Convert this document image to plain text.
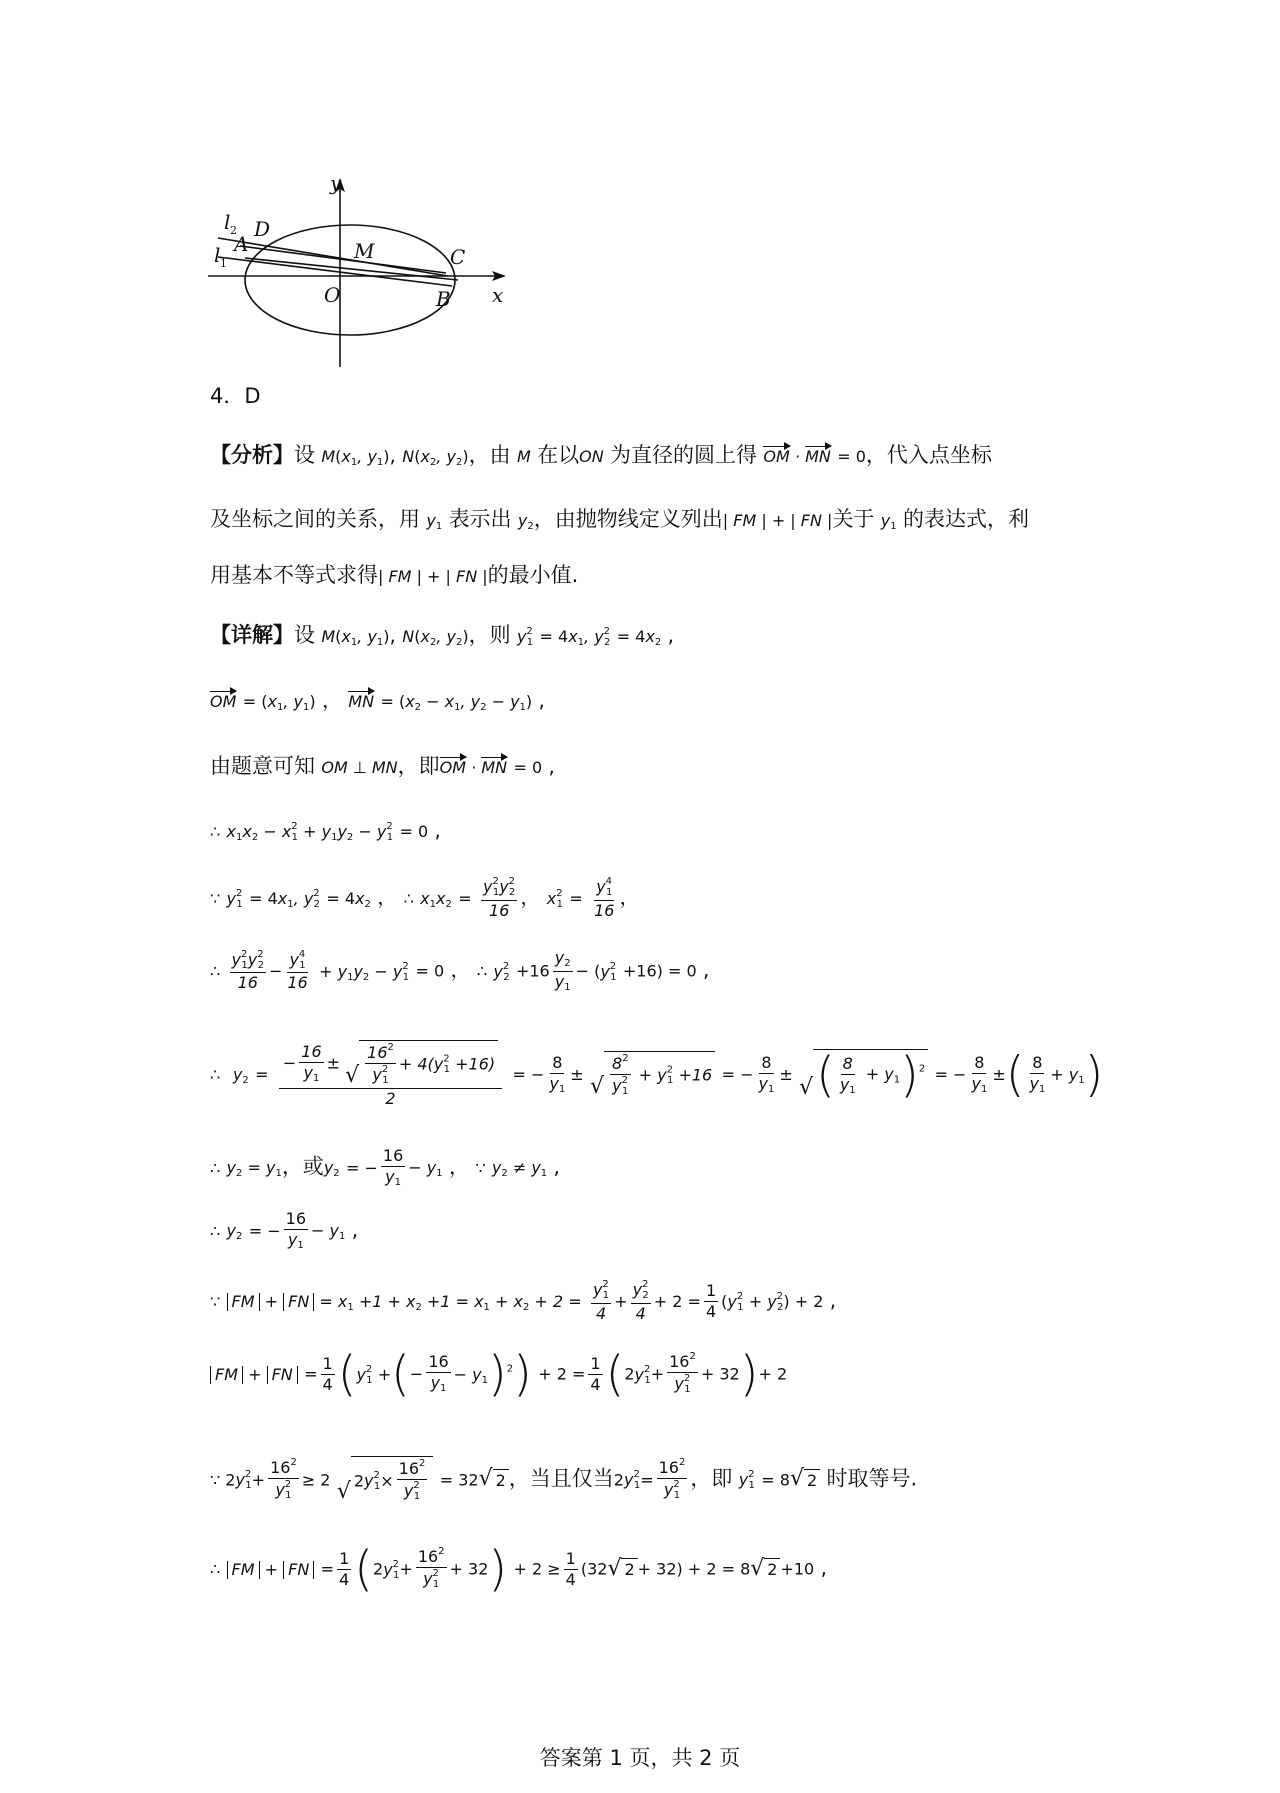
y
x
l 2
l 1
A
D
M	C
O	B
4．D
【分析】设 $M(x_1$, $y_1$), $N(x_2$, $y_2$)，由 M 在以ON 为直径的圆上得 OM · MN = 0，代入点坐标
及坐标之间的关系，用 $y_1$ 表示出 $y_2$，由抛物线定义列出| FM | + | FN |关于 $y_1$ 的表达式，利
用基本不等式求得| FM | + | FN |的最小值.
【详解】设 $M(x_1$, $y_1$), $N(x_2$, $y_2$)，则 $y^2_1 = 4x_1$, $y^2_2 = 4x_2$ ,
OM = ($x_1$, $y_1$) ， MN = ($x_2 - x_1$, $y_2 - y_1$) ,
由题意可知 OM ⊥ MN，即OM · MN = 0 ,
∴ $x_1x_2 - x^2_1 + y_1y_2 - y^2_1 = 0$ ,
∵ $y^2_1 = 4x_1$, $y^2_2 = 4x_2$ ， ∴ $x_1x_2 = \frac{y^2_1y^2_2}{16}$ ， $x^2_1 = \frac{y^4_1}{16}$ ，
∴ $\frac{y^2_1y^2_2}{16} - \frac{y^4_1}{16} + y_1y_2 - y^2_1 = 0$ ， ∴ $y^2_2 +16 \frac{y_2}{y_1} - (y^2_1 +16) = 0$ ,
∴ $y_2$ = − $\frac{16}{y_1}$ ±
√ $\frac{16^2}{y^2_1} + 4(y^2_1 +16)$
2 = − $\frac{8}{y_1}$ ±
√ $\frac{8^2}{y^2_1} + y^2_1 +16$ = − $\frac{8}{y_1}$ ± √ ( $\frac{8}{y_1} + y_1)^2$ = − $\frac{8}{y_1}$ ±( $\frac{8}{y_1} + y_1$)
∴ $y_2 = y_1$，或$y_2$ = − $\frac{16}{y_1} - y_1$ ， ∵ $y_2 \ne y_1$ ,
∴ $y_2$ = − $\frac{16}{y_1} - y_1$ ,
∵ FM + FN = $x_1 +1 + x_2 +1 = x_1 + x_2 + 2 = \frac{y^2_1}{4} + \frac{y^2_2}{4} + 2 = \frac{1}{4} (y^2_1 + y^2_2) + 2$ ,
FM + FN = $\frac{1}{4} (y^2_1$ +(− $\frac{16}{y_1} - y_1)^2) + 2 = \frac{1}{4} (2y^2_1+ \frac{16^2}{y^2_1} + 32)+ 2$
∵ $2y^2_1+ \frac{16^2}{y^2_1} \ge 2$ √ $2y^2_1\times \frac{16^2}{y^2_1} = 32√$ 2 ，当且仅当$2y^2_1= \frac{16^2}{y^2_1}$ ，即 $y^2_1 = 8√$ 2 时取等号.
∴ FM + FN = $\frac{1}{4} (2y^2_1+ \frac{16^2}{y^2_1} + 32) + 2 \ge \frac{1}{4} (32√$ 2 + 32) + 2 = 8√ 2 +10 ,
答案第 1 页，共 2 页
